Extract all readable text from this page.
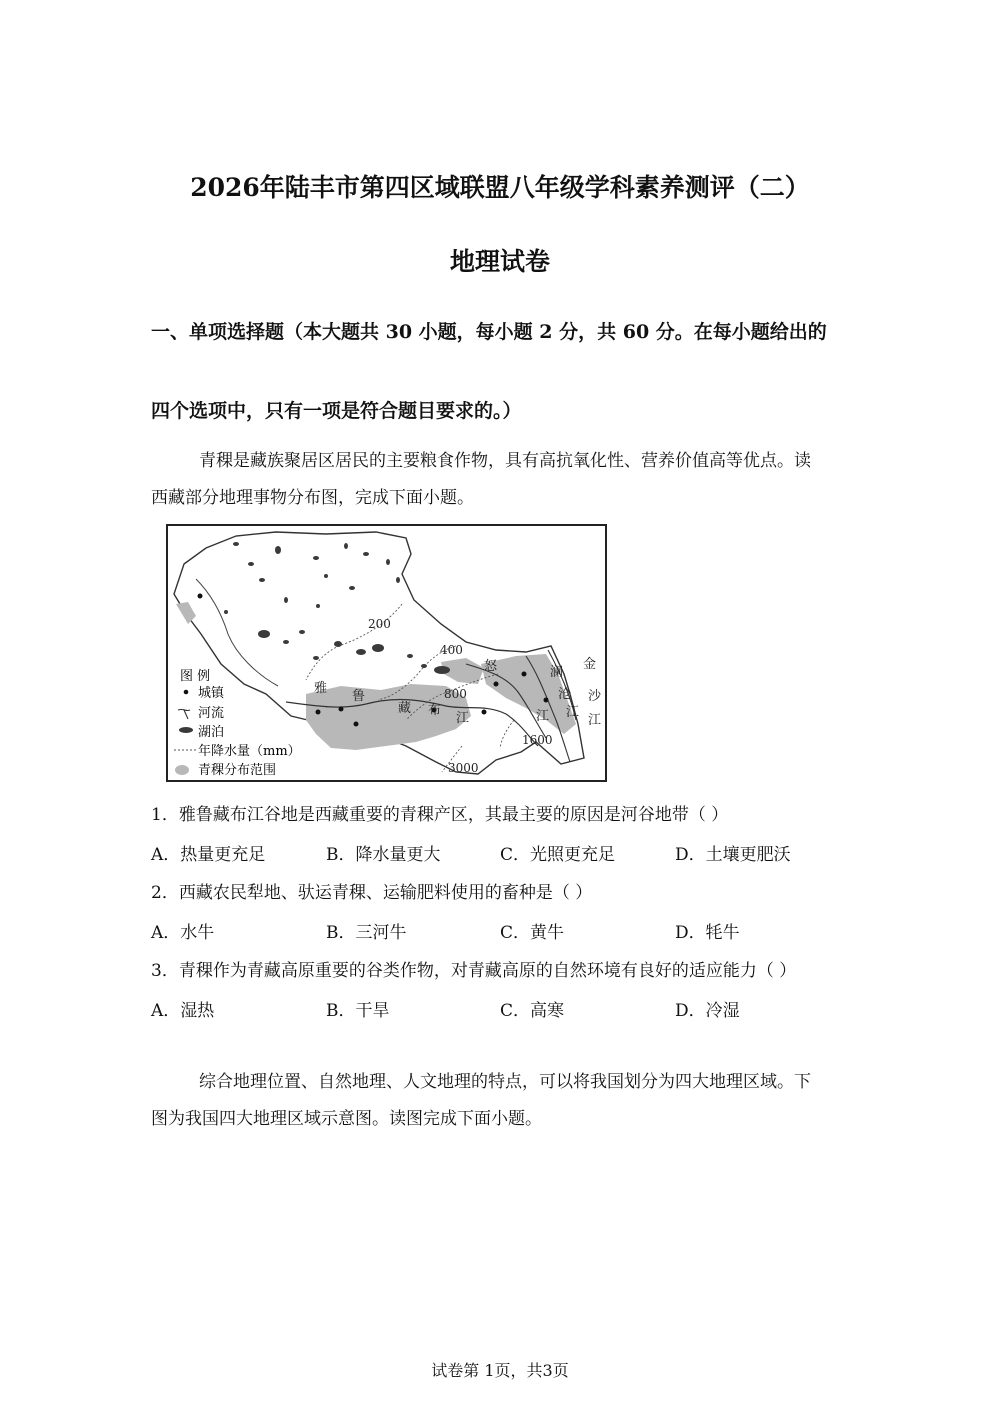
2026年陆丰市第四区域联盟八年级学科素养测评（二）
地理试卷
一、单项选择题（本大题共 30 小题，每小题 2 分，共 60 分。在每小题给出的
四个选项中，只有一项是符合题目要求的。）
青稞是藏族聚居区居民的主要粮食作物，具有高抗氧化性、营养价值高等优点。读
西藏部分地理事物分布图，完成下面小题。
图 例
城镇
河流
湖泊
年降水量（mm）
青稞分布范围
200
400
800
1600
3000
雅
鲁
藏 布
江
怒
江
澜
沧
江
金
沙
江
1．雅鲁藏布江谷地是西藏重要的青稞产区，其最主要的原因是河谷地带（ ）
A．热量更充足	B．降水量更大	C．光照更充足	D．土壤更肥沃
2．西藏农民犁地、驮运青稞、运输肥料使用的畜种是（ ）
A．水牛	B．三河牛	C．黄牛	D．牦牛
3．青稞作为青藏高原重要的谷类作物，对青藏高原的自然环境有良好的适应能力（ ）
A．湿热	B．干旱	C．高寒	D．冷湿
综合地理位置、自然地理、人文地理的特点，可以将我国划分为四大地理区域。下
图为我国四大地理区域示意图。读图完成下面小题。
试卷第 1页，共3页
